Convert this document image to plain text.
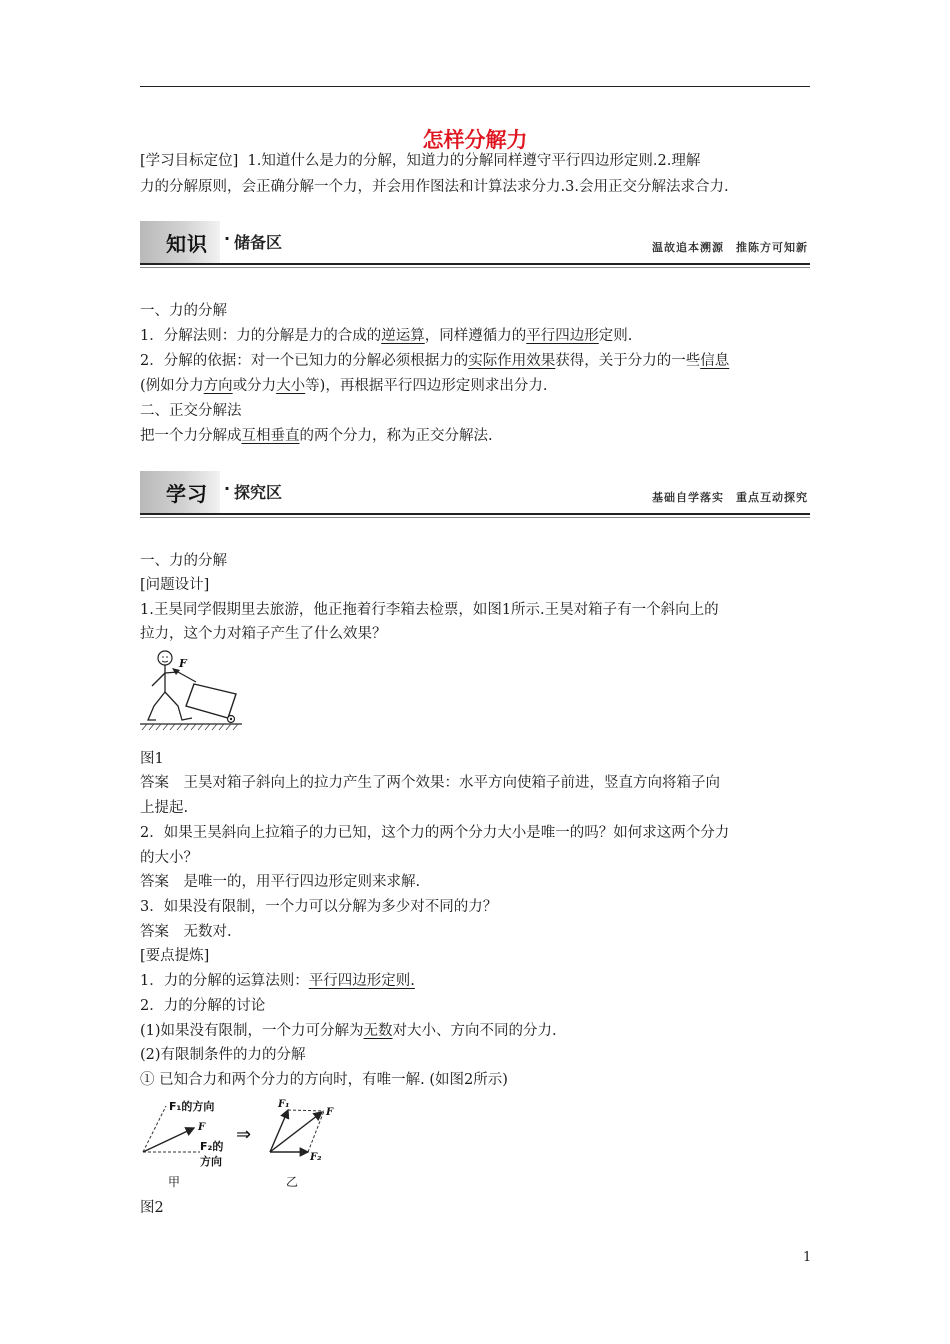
怎样分解力
[学习目标定位] 1.知道什么是力的分解，知道力的分解同样遵守平行四边形定则.2.理解
力的分解原则，会正确分解一个力，并会用作图法和计算法求分力.3.会用正交分解法求合力.
知识 · 储备区	温故追本溯源　推陈方可知新
一、力的分解
1．分解法则：力的分解是力的合成的逆运算，同样遵循力的平行四边形定则.
2．分解的依据：对一个已知力的分解必须根据力的实际作用效果获得，关于分力的一些信息
(例如分力方向或分力大小等)，再根据平行四边形定则求出分力.
二、正交分解法
把一个力分解成互相垂直的两个分力，称为正交分解法.
学习 · 探究区	基础自学落实　重点互动探究
一、力的分解
[问题设计]
1.王昊同学假期里去旅游，他正拖着行李箱去检票，如图1所示.王昊对箱子有一个斜向上的
拉力，这个力对箱子产生了什么效果？
F
图1
答案　王昊对箱子斜向上的拉力产生了两个效果：水平方向使箱子前进，竖直方向将箱子向
上提起.
2．如果王昊斜向上拉箱子的力已知，这个力的两个分力大小是唯一的吗？如何求这两个分力
的大小？
答案　是唯一的，用平行四边形定则来求解.
3．如果没有限制，一个力可以分解为多少对不同的力？
答案　无数对.
[要点提炼]
1．力的分解的运算法则：平行四边形定则.
2．力的分解的讨论
(1)如果没有限制，一个力可分解为无数对大小、方向不同的分力.
(2)有限制条件的力的分解
① 已知合力和两个分力的方向时，有唯一解. (如图2所示)
F₁的方向
F
F₂的
方向
甲
⇒
F₁
F
F₂
乙
图2
1
